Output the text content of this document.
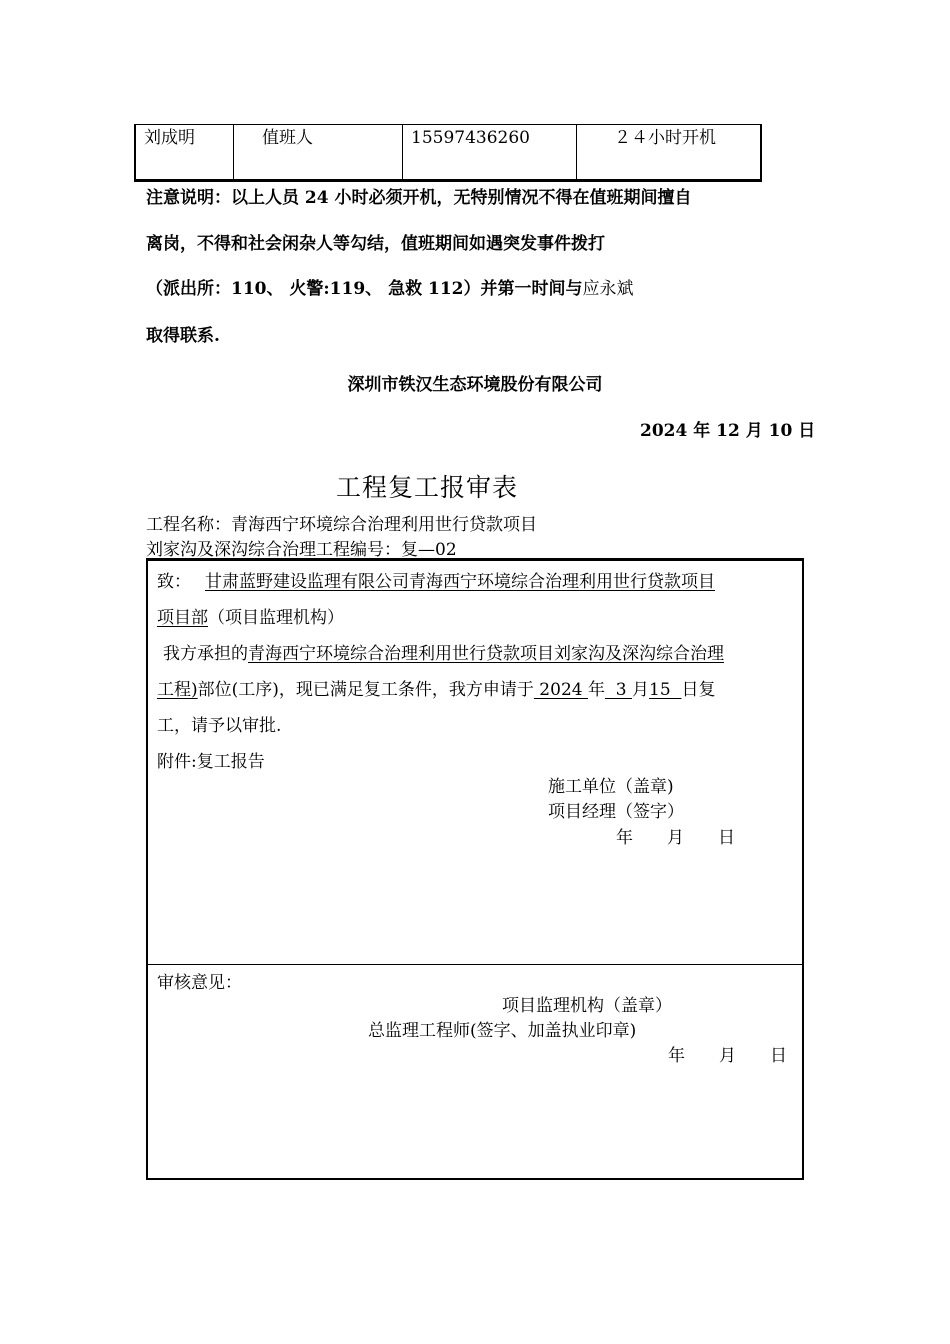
刘成明	值班人	15597436260	２４小时开机
注意说明：以上人员 24 小时必须开机，无特别情况不得在值班期间擅自
离岗，不得和社会闲杂人等勾结，值班期间如遇突发事件拨打
（派出所：110、 火警:119、 急救 112）并第一时间与应永斌
取得联系.
深圳市铁汉生态环境股份有限公司
2024 年 12 月 10 日
工程复工报审表
工程名称：青海西宁环境综合治理利用世行贷款项目
刘家沟及深沟综合治理工程编号：复—02
致： 甘肃蓝野建设监理有限公司青海西宁环境综合治理利用世行贷款项目
项目部（项目监理机构）
我方承担的青海西宁环境综合治理利用世行贷款项目刘家沟及深沟综合治理
工程)部位(工序)，现已满足复工条件，我方申请于 2024 年  3 月15  日复
工，请予以审批.
附件:复工报告
施工单位（盖章)
项目经理（签字）
年　　月　　日
审核意见：
项目监理机构（盖章）
总监理工程师(签字、加盖执业印章)
年　　月　　日
